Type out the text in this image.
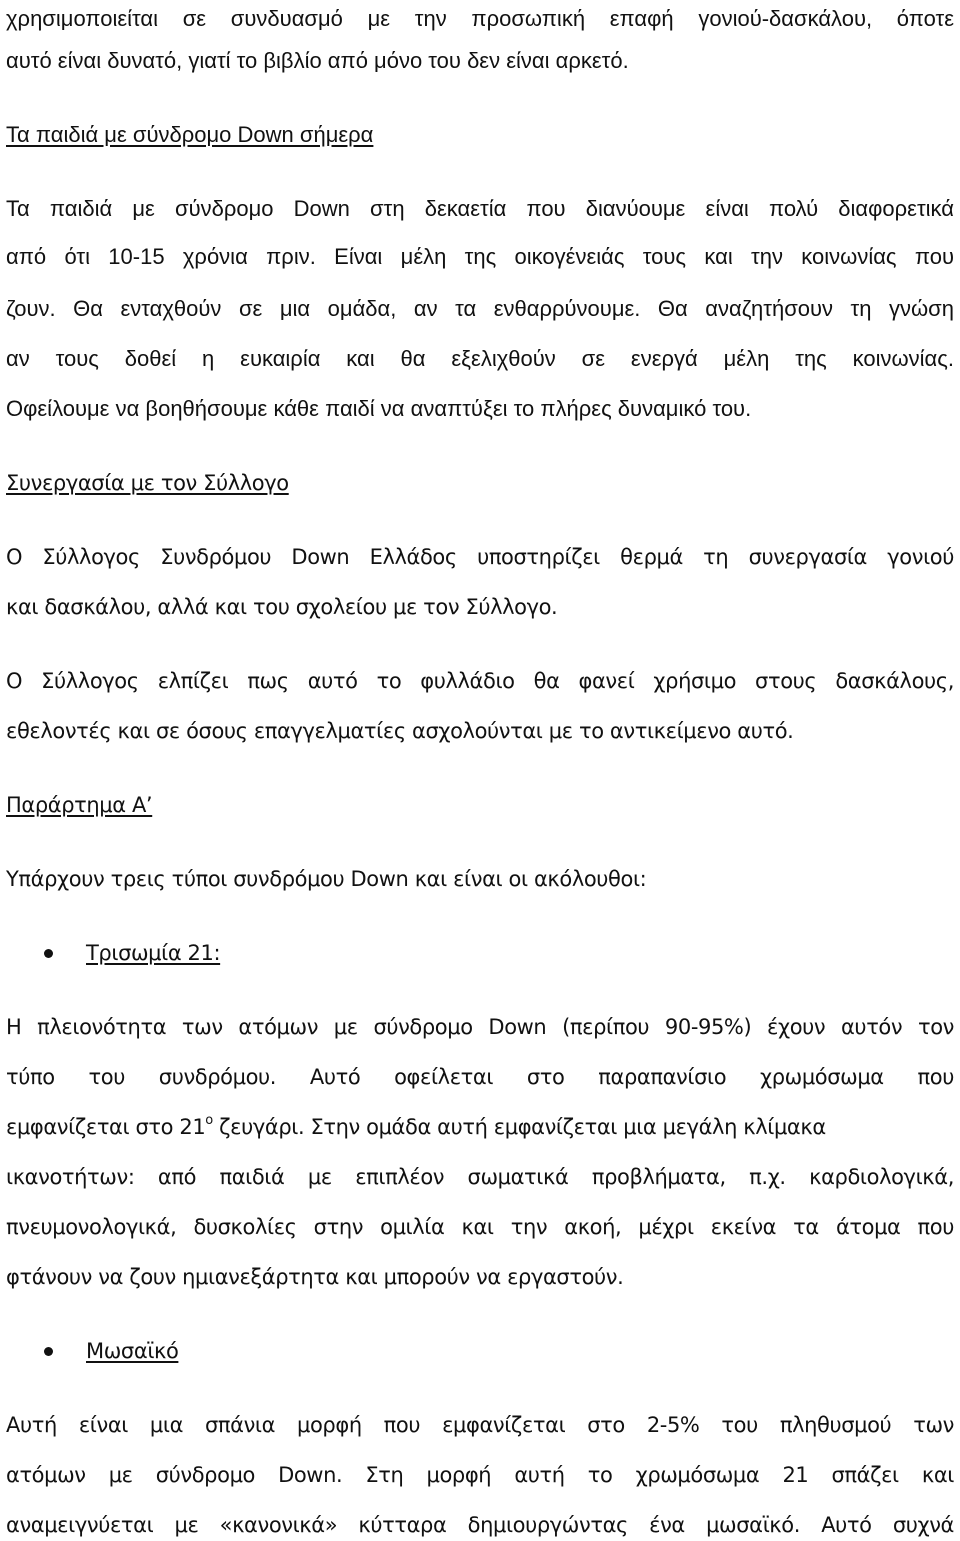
χρησιμοποιείται σε συνδυασμό με την προσωπική επαφή γονιού-δασκάλου, όποτε
αυτό είναι δυνατό, γιατί το βιβλίο από μόνο του δεν είναι αρκετό.
Τα παιδιά με σύνδρομο Down σήμερα
Τα παιδιά με σύνδρομο Down στη δεκαετία που διανύουμε είναι πολύ διαφορετικά
από ότι 10-15 χρόνια πριν. Είναι μέλη της οικογένειάς τους και την κοινωνίας που
ζουν. Θα ενταχθούν σε μια ομάδα, αν τα ενθαρρύνουμε. Θα αναζητήσουν τη γνώση
αν τους δοθεί η ευκαιρία και θα εξελιχθούν σε ενεργά μέλη της κοινωνίας.
Οφείλουμε να βοηθήσουμε κάθε παιδί να αναπτύξει το πλήρες δυναμικό του.
Συνεργασία με τον Σύλλογο
Ο Σύλλογος Συνδρόμου Down Ελλάδος υποστηρίζει θερμά τη συνεργασία γονιού
και δασκάλου, αλλά και του σχολείου με τον Σύλλογο.
Ο Σύλλογος ελπίζει πως αυτό το φυλλάδιο θα φανεί χρήσιμο στους δασκάλους,
εθελοντές και σε όσους επαγγελματίες ασχολούνται με το αντικείμενο αυτό.
Παράρτημα Α’
Υπάρχουν τρεις τύποι συνδρόμου Down και είναι οι ακόλουθοι:
Τρισωμία 21:
Η πλειονότητα των ατόμων με σύνδρομο Down (περίπου 90-95%) έχουν αυτόν τον
τύπο του συνδρόμου. Αυτό οφείλεται στο παραπανίσιο χρωμόσωμα που
εμφανίζεται στο $21^o$ ζευγάρι. Στην ομάδα αυτή εμφανίζεται μια μεγάλη κλίμακα
ικανοτήτων: από παιδιά με επιπλέον σωματικά προβλήματα, π.χ. καρδιολογικά,
πνευμονολογικά, δυσκολίες στην ομιλία και την ακοή, μέχρι εκείνα τα άτομα που
φτάνουν να ζουν ημιανεξάρτητα και μπορούν να εργαστούν.
Μωσαϊκό
Αυτή είναι μια σπάνια μορφή που εμφανίζεται στο 2-5% του πληθυσμού των
ατόμων με σύνδρομο Down. Στη μορφή αυτή το χρωμόσωμα 21 σπάζει και
αναμειγνύεται με «κανονικά» κύτταρα δημιουργώντας ένα μωσαϊκό. Αυτό συχνά
